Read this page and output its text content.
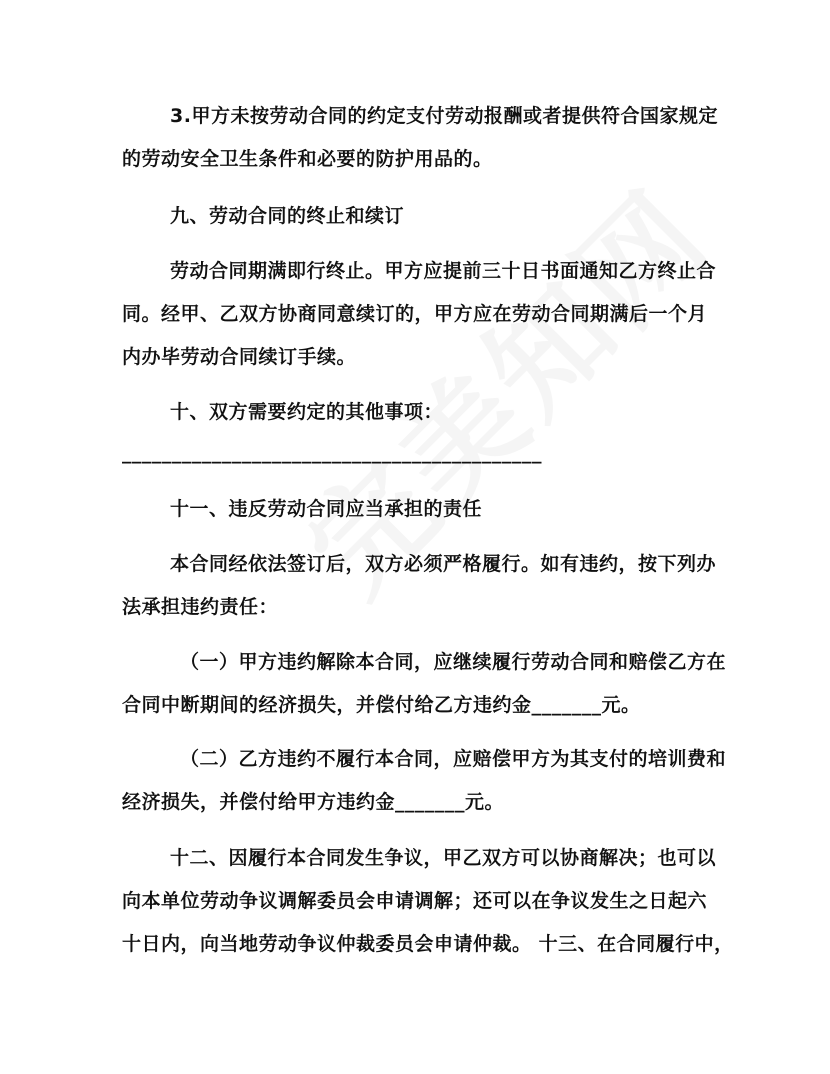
3.甲方未按劳动合同的约定支付劳动报酬或者提供符合国家规定
的劳动安全卫生条件和必要的防护用品的。
九、劳动合同的终止和续订
劳动合同期满即行终止。甲方应提前三十日书面通知乙方终止合
同。经甲、乙双方协商同意续订的，甲方应在劳动合同期满后一个月
内办毕劳动合同续订手续。
十、双方需要约定的其他事项：
__________________________________________
十一、违反劳动合同应当承担的责任
本合同经依法签订后，双方必须严格履行。如有违约，按下列办
法承担违约责任：
（一）甲方违约解除本合同，应继续履行劳动合同和赔偿乙方在
合同中断期间的经济损失，并偿付给乙方违约金_______元。
（二）乙方违约不履行本合同，应赔偿甲方为其支付的培训费和
经济损失，并偿付给甲方违约金_______元。
十二、因履行本合同发生争议，甲乙双方可以协商解决；也可以
向本单位劳动争议调解委员会申请调解；还可以在争议发生之日起六
十日内，向当地劳动争议仲裁委员会申请仲裁。 十三、在合同履行中，
